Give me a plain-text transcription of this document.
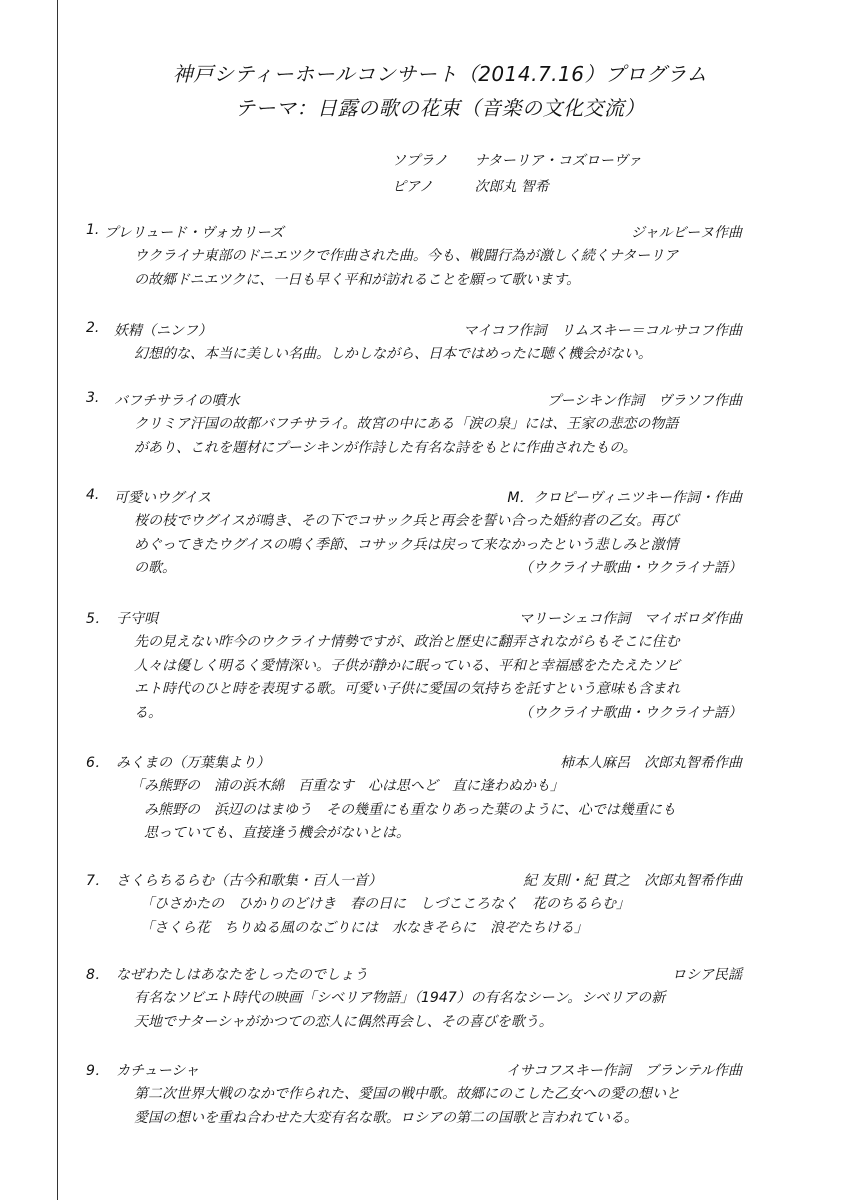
神戸シティーホールコンサート（2014.7.16）プログラム
テーマ：日露の歌の花束（音楽の文化交流）
ソプラノ ナターリア・コズローヴァ
ピアノ	次郎丸 智希
1. プレリュード・ヴォカリーズ	ジャルビーヌ作曲
ウクライナ東部のドニエツクで作曲された曲。今も、戦闘行為が激しく続くナターリア
の故郷ドニエツクに、一日も早く平和が訪れることを願って歌います。
2. 妖精（ニンフ）	マイコフ作詞　リムスキー＝コルサコフ作曲
幻想的な、本当に美しい名曲。しかしながら、日本ではめったに聴く機会がない。
3. バフチサライの噴水	プーシキン作詞　ヴラソフ作曲
クリミア汗国の故都バフチサライ。故宮の中にある「涙の泉」には、王家の悲恋の物語
があり、これを題材にプーシキンが作詩した有名な詩をもとに作曲されたもの。
4. 可愛いウグイス	M．クロピーヴィニツキー作詞・作曲
桜の枝でウグイスが鳴き、その下でコサック兵と再会を誓い合った婚約者の乙女。再び
めぐってきたウグイスの鳴く季節、コサック兵は戻って来なかったという悲しみと激情
の歌。	（ウクライナ歌曲・ウクライナ語）
5． 子守唄	マリーシェコ作詞　マイボロダ作曲
先の見えない昨今のウクライナ情勢ですが、政治と歴史に翻弄されながらもそこに住む
人々は優しく明るく愛情深い。子供が静かに眠っている、平和と幸福感をたたえたソビ
エト時代のひと時を表現する歌。可愛い子供に愛国の気持ちを託すという意味も含まれ
る。	（ウクライナ歌曲・ウクライナ語）
6． みくまの（万葉集より）	柿本人麻呂　次郎丸智希作曲
「み熊野の　浦の浜木綿　百重なす　心は思へど　直に逢わぬかも」
み熊野の　浜辺のはまゆう　その幾重にも重なりあった葉のように、心では幾重にも
思っていても、直接逢う機会がないとは。
7． さくらちるらむ（古今和歌集・百人一首）	紀 友則・紀 貫之　次郎丸智希作曲
「ひさかたの　ひかりのどけき　春の日に　しづこころなく　花のちるらむ」
「さくら花　ちりぬる風のなごりには　水なきそらに　浪ぞたちける」
8． なぜわたしはあなたをしったのでしょう	ロシア民謡
有名なソビエト時代の映画「シベリア物語」（1947）の有名なシーン。シベリアの新
天地でナターシャがかつての恋人に偶然再会し、その喜びを歌う。
9． カチューシャ	イサコフスキー作詞　ブランテル作曲
第二次世界大戦のなかで作られた、愛国の戦中歌。故郷にのこした乙女への愛の想いと
愛国の想いを重ね合わせた大変有名な歌。ロシアの第二の国歌と言われている。
